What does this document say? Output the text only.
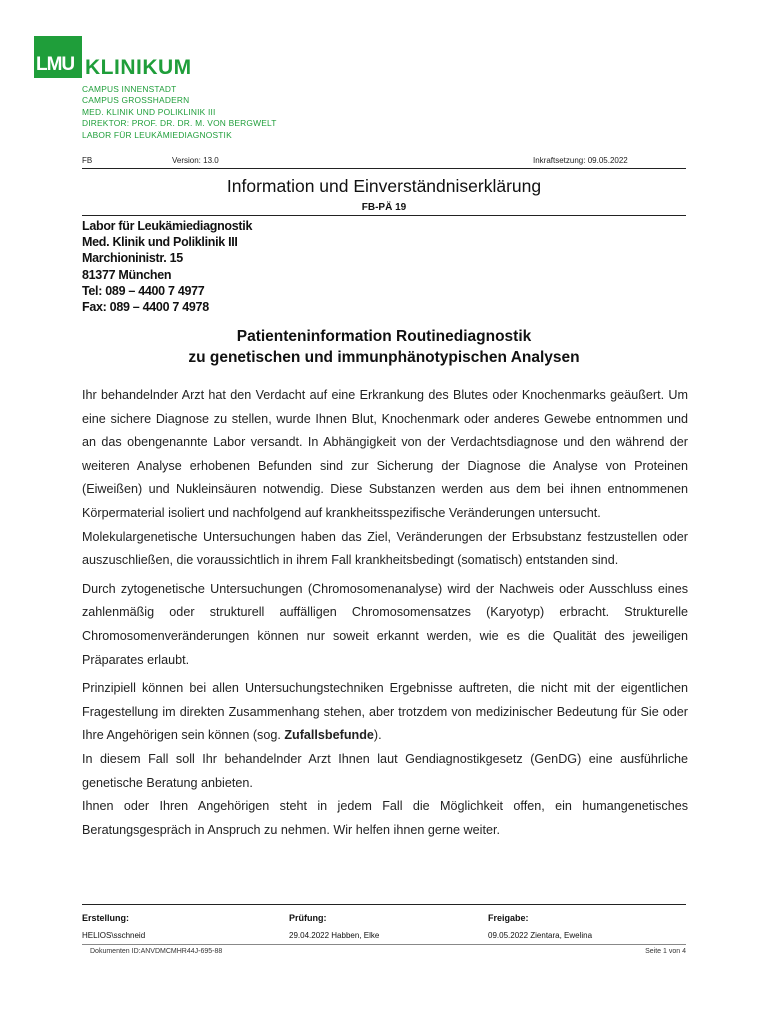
LMU KLINIKUM
CAMPUS INNENSTADT
CAMPUS GROSSHADERN
MED. KLINIK UND POLIKLINIK III
DIREKTOR: PROF. DR. DR. M. VON BERGWELT
LABOR FÜR LEUKÄMIEDIAGNOSTIK
FB	Version: 13.0	Inkraftsetzung: 09.05.2022
Information und Einverständniserklärung
FB-PÄ 19
Labor für Leukämiediagnostik
Med. Klinik und Poliklinik III
Marchioninistr. 15
81377 München
Tel: 089 – 4400 7 4977
Fax: 089 – 4400 7 4978
Patienteninformation Routinediagnostik
zu genetischen und immunphänotypischen Analysen

Ihr behandelnder Arzt hat den Verdacht auf eine Erkrankung des Blutes oder Knochenmarks geäußert. Um eine sichere Diagnose zu stellen, wurde Ihnen Blut, Knochenmark oder anderes Gewebe entnommen und an das obengenannte Labor versandt. In Abhängigkeit von der Verdachtsdiagnose und den während der weiteren Analyse erhobenen Befunden sind zur Sicherung der Diagnose die Analyse von Proteinen (Eiweißen) und Nukleinsäuren notwendig. Diese Substanzen werden aus dem bei ihnen entnommenen Körpermaterial isoliert und nachfolgend auf krankheitsspezifische Veränderungen untersucht.

Molekulargenetische Untersuchungen haben das Ziel, Veränderungen der Erbsubstanz festzustellen oder auszuschließen, die voraussichtlich in ihrem Fall krankheitsbedingt (somatisch) entstanden sind.

Durch zytogenetische Untersuchungen (Chromosomenanalyse) wird der Nachweis oder Ausschluss eines zahlenmäßig oder strukturell auffälligen Chromosomensatzes (Karyotyp) erbracht. Strukturelle Chromosomenveränderungen können nur soweit erkannt werden, wie es die Qualität des jeweiligen Präparates erlaubt.

Prinzipiell können bei allen Untersuchungstechniken Ergebnisse auftreten, die nicht mit der eigentlichen Fragestellung im direkten Zusammenhang stehen, aber trotzdem von medizinischer Bedeutung für Sie oder Ihre Angehörigen sein können (sog. Zufallsbefunde).

In diesem Fall soll Ihr behandelnder Arzt Ihnen laut Gendiagnostikgesetz (GenDG) eine ausführliche genetische Beratung anbieten.

Ihnen oder Ihren Angehörigen steht in jedem Fall die Möglichkeit offen, ein humangenetisches Beratungsgespräch in Anspruch zu nehmen. Wir helfen ihnen gerne weiter.

Erstellung:	Prüfung:	Freigabe:
HELIOS\sschneid	29.04.2022 Habben, Elke	09.05.2022 Zientara, Ewelina
Dokumenten ID:ANVDMCMHR44J-695-88	Seite 1 von 4
